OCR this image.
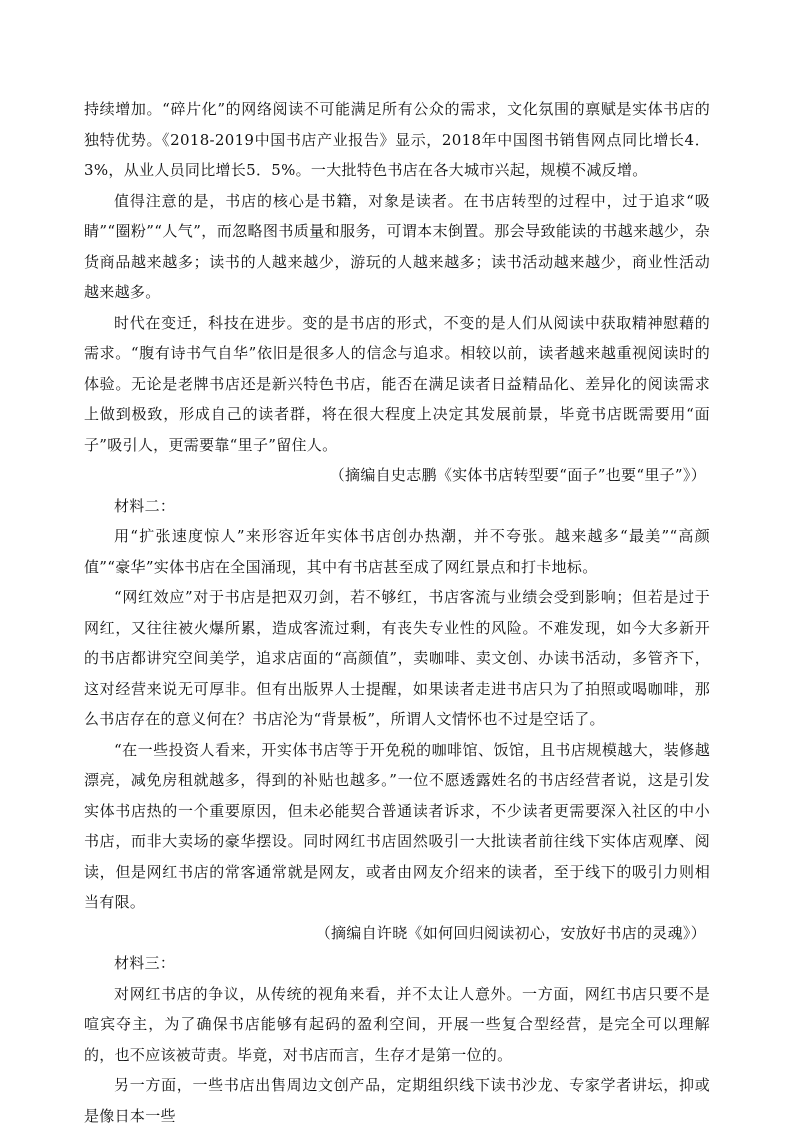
持续增加。“碎片化”的网络阅读不可能满足所有公众的需求，文化氛围的禀赋是实体书店的独特优势。《2018-2019中国书店产业报告》显示，2018年中国图书销售网点同比增长4．3%，从业人员同比增长5．5%。一大批特色书店在各大城市兴起，规模不减反增。

值得注意的是，书店的核心是书籍，对象是读者。在书店转型的过程中，过于追求“吸睛”“圈粉”“人气”，而忽略图书质量和服务，可谓本末倒置。那会导致能读的书越来越少，杂货商品越来越多；读书的人越来越少，游玩的人越来越多；读书活动越来越少，商业性活动越来越多。

时代在变迁，科技在进步。变的是书店的形式，不变的是人们从阅读中获取精神慰藉的需求。“腹有诗书气自华”依旧是很多人的信念与追求。相较以前，读者越来越重视阅读时的体验。无论是老牌书店还是新兴特色书店，能否在满足读者日益精品化、差异化的阅读需求上做到极致，形成自己的读者群，将在很大程度上决定其发展前景，毕竟书店既需要用“面子”吸引人，更需要靠“里子”留住人。

（摘编自史志鹏《实体书店转型要“面子”也要“里子”》）

材料二：

用“扩张速度惊人”来形容近年实体书店创办热潮，并不夸张。越来越多“最美”“高颜值”“豪华”实体书店在全国涌现，其中有书店甚至成了网红景点和打卡地标。

“网红效应”对于书店是把双刃剑，若不够红，书店客流与业绩会受到影响；但若是过于网红，又往往被火爆所累，造成客流过剩，有丧失专业性的风险。不难发现，如今大多新开的书店都讲究空间美学，追求店面的“高颜值”，卖咖啡、卖文创、办读书活动，多管齐下，这对经营来说无可厚非。但有出版界人士提醒，如果读者走进书店只为了拍照或喝咖啡，那么书店存在的意义何在？书店沦为“背景板”，所谓人文情怀也不过是空话了。

“在一些投资人看来，开实体书店等于开免税的咖啡馆、饭馆，且书店规模越大，装修越漂亮，减免房租就越多，得到的补贴也越多。”一位不愿透露姓名的书店经营者说，这是引发实体书店热的一个重要原因，但未必能契合普通读者诉求，不少读者更需要深入社区的中小书店，而非大卖场的豪华摆设。同时网红书店固然吸引一大批读者前往线下实体店观摩、阅读，但是网红书店的常客通常就是网友，或者由网友介绍来的读者，至于线下的吸引力则相当有限。

（摘编自许晓《如何回归阅读初心，安放好书店的灵魂》）

材料三：

对网红书店的争议，从传统的视角来看，并不太让人意外。一方面，网红书店只要不是喧宾夺主，为了确保书店能够有起码的盈利空间，开展一些复合型经营，是完全可以理解的，也不应该被苛责。毕竟，对书店而言，生存才是第一位的。

另一方面，一些书店出售周边文创产品，定期组织线下读书沙龙、专家学者讲坛，抑或是像日本一些
